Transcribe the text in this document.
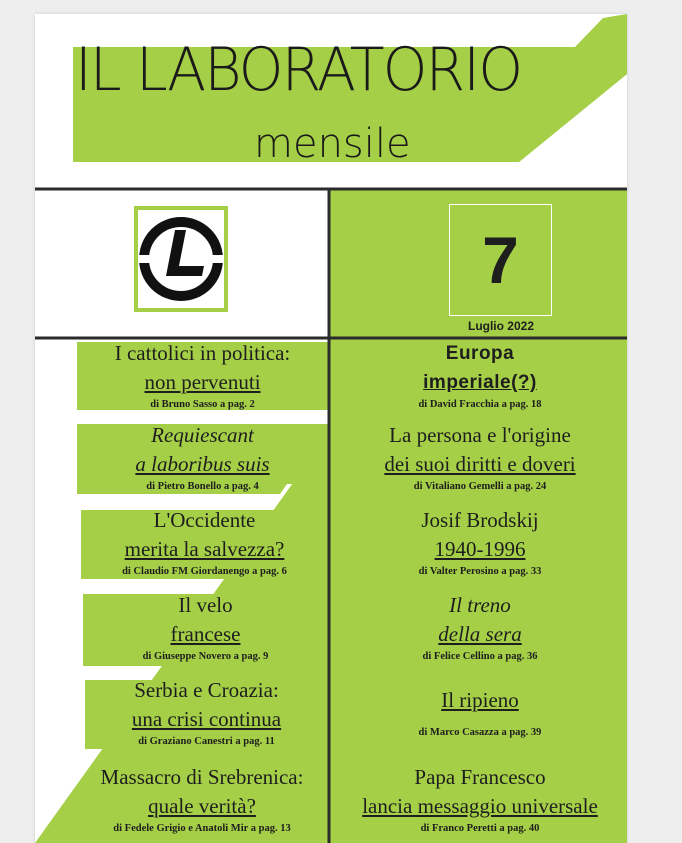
IL LABORATORIO
mensile
7
Luglio 2022
I cattolici in politica:
non pervenuti
di Bruno Sasso a pag. 2
Requiescant
a laboribus suis
di Pietro Bonello a pag. 4
L'Occidente
merita la salvezza?
di Claudio FM Giordanengo a pag. 6
Il velo
francese
di Giuseppe Novero a pag. 9
Serbia e Croazia:
una crisi continua
di Graziano Canestri a pag. 11
Massacro di Srebrenica:
quale verità?
di Fedele Grigio e Anatoli Mir a pag. 13
Europa
imperiale(?)
di David Fracchia a pag. 18
La persona e l'origine
dei suoi diritti e doveri
di Vitaliano Gemelli a pag. 24
Josif Brodskij
1940-1996
di Valter Perosino a pag. 33
Il treno
della sera
di Felice Cellino a pag. 36
Il ripieno
di Marco Casazza a pag. 39
Papa Francesco
lancia messaggio universale
di Franco Peretti a pag. 40
